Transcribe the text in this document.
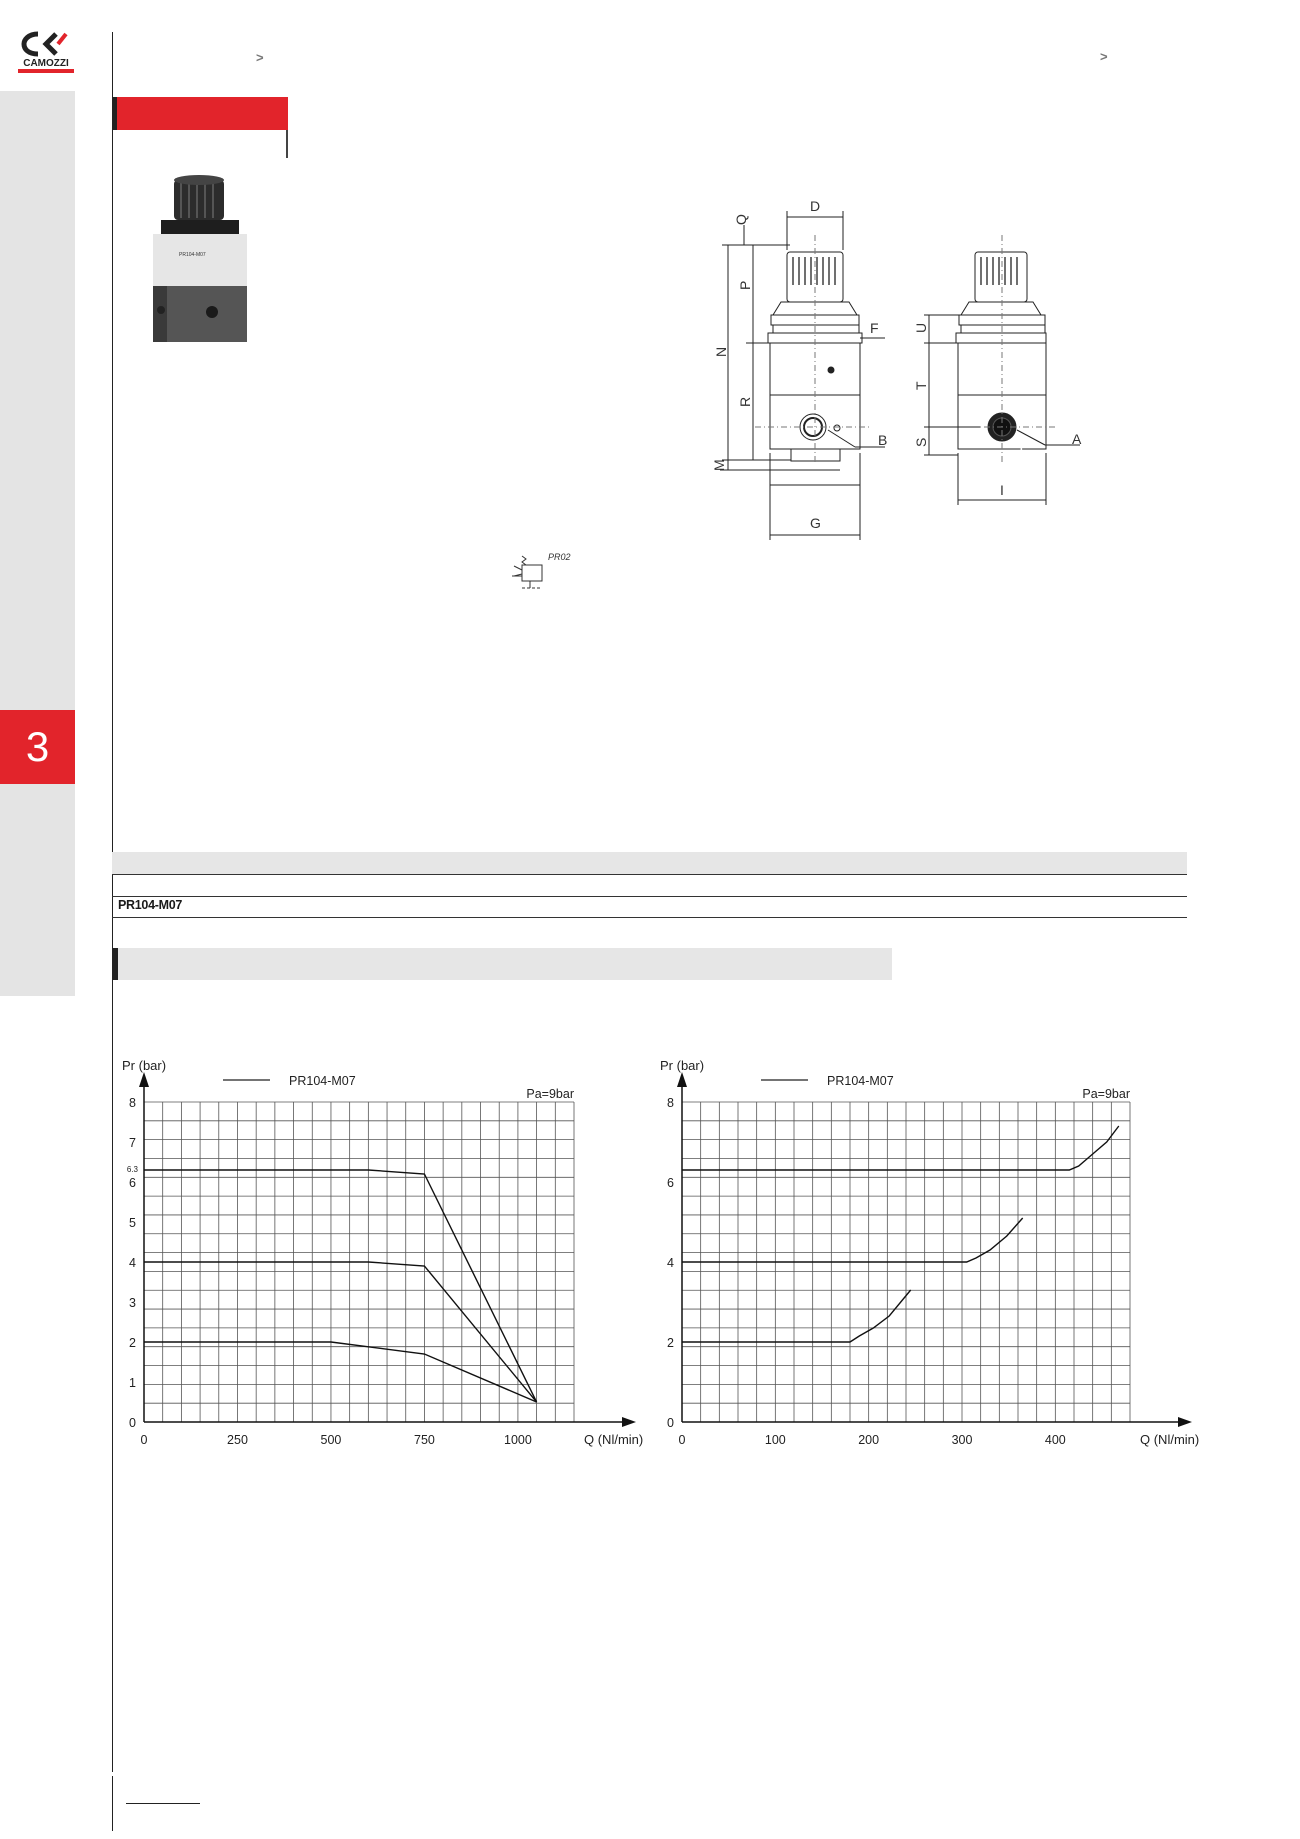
CAMOZZI	>	>
3
PR104-M07
D
Q
P
N
R
M
F
B
G
U
T
S	A
I
1
PR02
PR104-M07
Pr (bar)
Q (Nl/min)
PR104-M07
Pa=9bar
0
1
2
3
4
5
6
7
8
6.3
0	250	500	750	1000
Pr (bar)
Q (Nl/min)
PR104-M07
Pa=9bar
0
2
4
6
8
0	100	200	300	400
